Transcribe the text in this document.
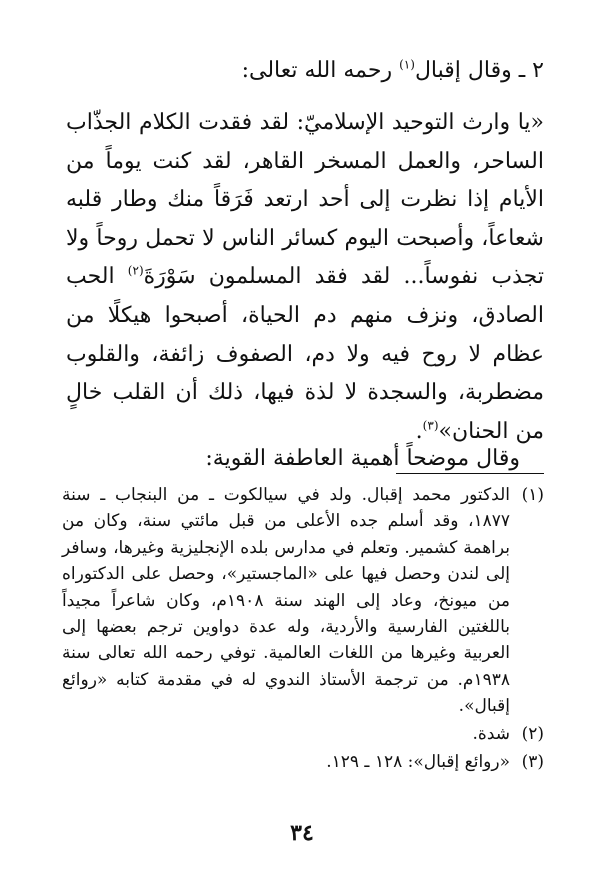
٢ ـ وقال إقبال$^{(١)}$ رحمه الله تعالى:
«يا وارث التوحيد الإسلاميّ: لقد فقدت الكلام الجذّاب الساحر، والعمل المسخر القاهر، لقد كنت يوماً من الأيام إذا نظرت إلى أحد ارتعد فَرَقاً منك وطار قلبه شعاعاً، وأصبحت اليوم كسائر الناس لا تحمل روحاً ولا تجذب نفوساً... لقد فقد المسلمون سَوْرَةَ$^{(٢)}$ الحب الصادق، ونزف منهم دم الحياة، أصبحوا هيكلًا من عظام لا روح فيه ولا دم، الصفوف زائفة، والقلوب مضطربة، والسجدة لا لذة فيها، ذلك أن القلب خالٍ من الحنان»$^{(٣)}$.
وقال موضحاً أهمية العاطفة القوية:
(١)
الدكتور محمد إقبال. ولد في سيالكوت ـ من البنجاب ـ سنة ١٨٧٧، وقد أسلم جده الأعلى من قبل مائتي سنة، وكان من براهمة كشمير. وتعلم في مدارس بلده الإنجليزية وغيرها، وسافر إلى لندن وحصل فيها على «الماجستير»، وحصل على الدكتوراه من ميونخ، وعاد إلى الهند سنة ١٩٠٨م، وكان شاعراً مجيداً باللغتين الفارسية والأردية، وله عدة دواوين ترجم بعضها إلى العربية وغيرها من اللغات العالمية. توفي رحمه الله تعالى سنة ١٩٣٨م. من ترجمة الأستاذ الندوي له في مقدمة كتابه «روائع إقبال».
(٢)
شدة.
(٣)
«روائع إقبال»: ١٢٨ ـ ١٢٩.
٣٤
